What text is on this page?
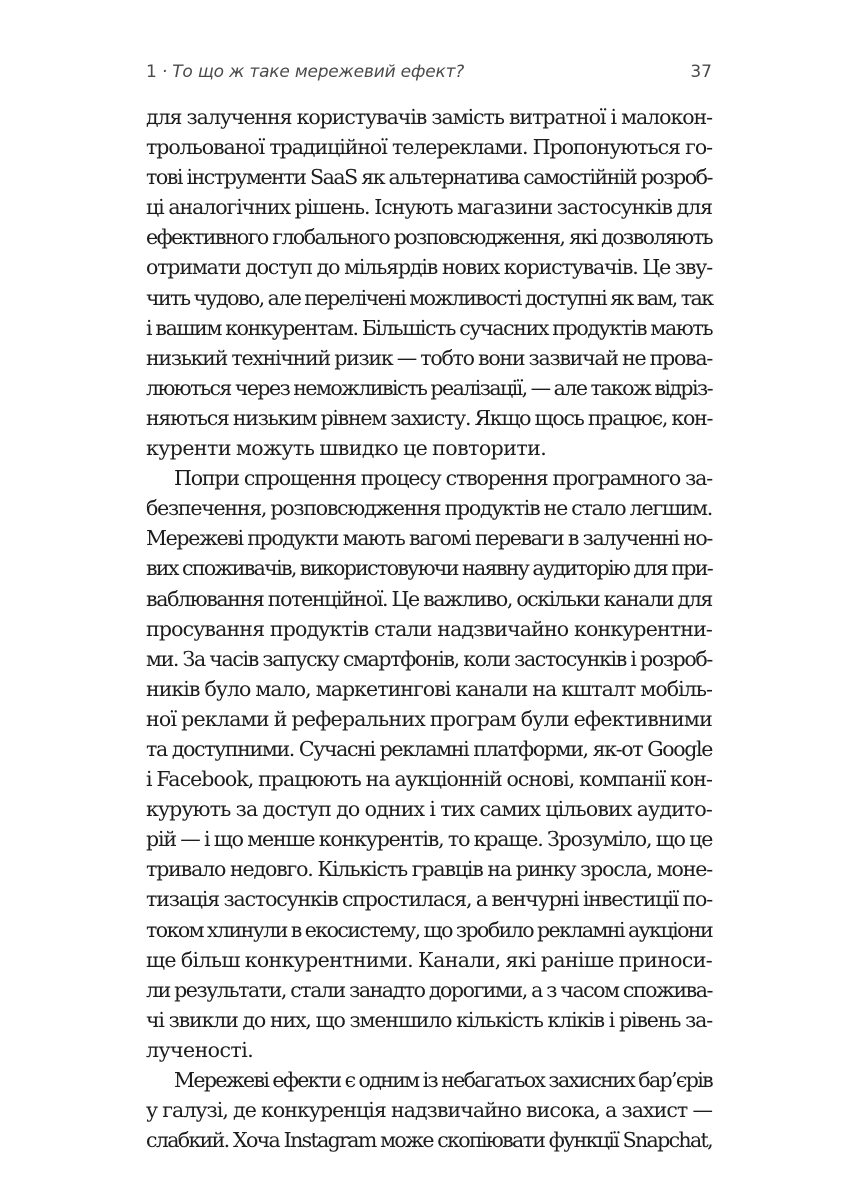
1 · То що ж таке мережевий ефект?	37
для залучення користувачів замість витратної і малокон-
трольованої традиційної телереклами. Пропонуються го-
тові інструменти SaaS як альтернатива самостійній розроб-
ці аналогічних рішень. Існують магазини застосунків для
ефективного глобального розповсюдження, які дозволяють
отримати доступ до мільярдів нових користувачів. Це зву-
чить чудово, але перелічені можливості доступні як вам, так
і вашим конкурентам. Більшість сучасних продуктів мають
низький технічний ризик — тобто вони зазвичай не прова-
люються через неможливість реалізації, — але також відріз-
няються низьким рівнем захисту. Якщо щось працює, кон-
куренти можуть швидко це повторити.
Попри спрощення процесу створення програмного за-
безпечення, розповсюдження продуктів не стало легшим.
Мережеві продукти мають вагомі переваги в залученні но-
вих споживачів, використовуючи наявну аудиторію для при-
ваблювання потенційної. Це важливо, оскільки канали для
просування продуктів стали надзвичайно конкурентни-
ми. За часів запуску смартфонів, коли застосунків і розроб-
ників було мало, маркетингові канали на кшталт мобіль-
ної реклами й реферальних програм були ефективними
та доступними. Сучасні рекламні платформи, як-от Google
і Facebook, працюють на аукціонній основі, компанії кон-
курують за доступ до одних і тих самих цільових аудито-
рій — і що менше конкурентів, то краще. Зрозуміло, що це
тривало недовго. Кількість гравців на ринку зросла, моне-
тизація застосунків спростилася, а венчурні інвестиції по-
током хлинули в екосистему, що зробило рекламні аукціони
ще більш конкурентними. Канали, які раніше приноси-
ли результати, стали занадто дорогими, а з часом спожива-
чі звикли до них, що зменшило кількість кліків і рівень за-
лученості.
Мережеві ефекти є одним із небагатьох захисних бар’єрів
у галузі, де конкуренція надзвичайно висока, а захист —
слабкий. Хоча Instagram може скопіювати функції Snapchat,
